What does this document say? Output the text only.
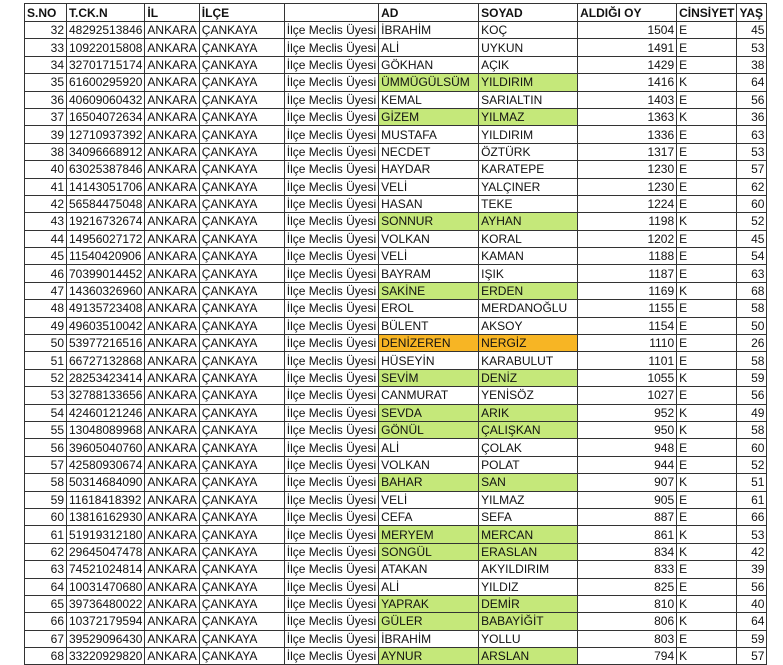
S.NO	T.CK.N	İL	İLÇE		AD	SOYAD	ALDIĞI OY	CİNSİYET	YAŞ
32	48292513846	ANKARA	ÇANKAYA	İlçe Meclis Üyesi	İBRAHİM	KOÇ	1504	E	45
33	10922015808	ANKARA	ÇANKAYA	İlçe Meclis Üyesi	ALİ	UYKUN	1491	E	53
34	32701715174	ANKARA	ÇANKAYA	İlçe Meclis Üyesi	GÖKHAN	AÇIK	1429	E	38
35	61600295920	ANKARA	ÇANKAYA	İlçe Meclis Üyesi	ÜMMÜGÜLSÜM	YILDIRIM	1416	K	64
36	40609060432	ANKARA	ÇANKAYA	İlçe Meclis Üyesi	KEMAL	SARIALTIN	1403	E	56
37	16504072634	ANKARA	ÇANKAYA	İlçe Meclis Üyesi	GİZEM	YILMAZ	1363	K	36
39	12710937392	ANKARA	ÇANKAYA	İlçe Meclis Üyesi	MUSTAFA	YILDIRIM	1336	E	63
38	34096668912	ANKARA	ÇANKAYA	İlçe Meclis Üyesi	NECDET	ÖZTÜRK	1317	E	53
40	63025387846	ANKARA	ÇANKAYA	İlçe Meclis Üyesi	HAYDAR	KARATEPE	1230	E	57
41	14143051706	ANKARA	ÇANKAYA	İlçe Meclis Üyesi	VELİ	YALÇINER	1230	E	62
42	56584475048	ANKARA	ÇANKAYA	İlçe Meclis Üyesi	HASAN	TEKE	1224	E	60
43	19216732674	ANKARA	ÇANKAYA	İlçe Meclis Üyesi	SONNUR	AYHAN	1198	K	52
44	14956027172	ANKARA	ÇANKAYA	İlçe Meclis Üyesi	VOLKAN	KORAL	1202	E	45
45	11540420906	ANKARA	ÇANKAYA	İlçe Meclis Üyesi	VELİ	KAMAN	1188	E	54
46	70399014452	ANKARA	ÇANKAYA	İlçe Meclis Üyesi	BAYRAM	IŞIK	1187	E	63
47	14360326960	ANKARA	ÇANKAYA	İlçe Meclis Üyesi	SAKİNE	ERDEN	1169	K	68
48	49135723408	ANKARA	ÇANKAYA	İlçe Meclis Üyesi	EROL	MERDANOĞLU	1155	E	58
49	49603510042	ANKARA	ÇANKAYA	İlçe Meclis Üyesi	BÜLENT	AKSOY	1154	E	50
50	53977216516	ANKARA	ÇANKAYA	İlçe Meclis Üyesi	DENİZEREN	NERGİZ	1110	E	26
51	66727132868	ANKARA	ÇANKAYA	İlçe Meclis Üyesi	HÜSEYİN	KARABULUT	1101	E	58
52	28253423414	ANKARA	ÇANKAYA	İlçe Meclis Üyesi	SEVİM	DENİZ	1055	K	59
53	32788133656	ANKARA	ÇANKAYA	İlçe Meclis Üyesi	CANMURAT	YENİSÖZ	1027	E	56
54	42460121246	ANKARA	ÇANKAYA	İlçe Meclis Üyesi	SEVDA	ARIK	952	K	49
55	13048089968	ANKARA	ÇANKAYA	İlçe Meclis Üyesi	GÖNÜL	ÇALIŞKAN	950	K	58
56	39605040760	ANKARA	ÇANKAYA	İlçe Meclis Üyesi	ALİ	ÇOLAK	948	E	60
57	42580930674	ANKARA	ÇANKAYA	İlçe Meclis Üyesi	VOLKAN	POLAT	944	E	52
58	50314684090	ANKARA	ÇANKAYA	İlçe Meclis Üyesi	BAHAR	SAN	907	K	51
59	11618418392	ANKARA	ÇANKAYA	İlçe Meclis Üyesi	VELİ	YILMAZ	905	E	61
60	13816162930	ANKARA	ÇANKAYA	İlçe Meclis Üyesi	CEFA	SEFA	887	E	66
61	51919312180	ANKARA	ÇANKAYA	İlçe Meclis Üyesi	MERYEM	MERCAN	861	K	53
62	29645047478	ANKARA	ÇANKAYA	İlçe Meclis Üyesi	SONGÜL	ERASLAN	834	K	42
63	74521024814	ANKARA	ÇANKAYA	İlçe Meclis Üyesi	ATAKAN	AKYILDIRIM	833	E	39
64	10031470680	ANKARA	ÇANKAYA	İlçe Meclis Üyesi	ALİ	YILDIZ	825	E	56
65	39736480022	ANKARA	ÇANKAYA	İlçe Meclis Üyesi	YAPRAK	DEMİR	810	K	40
66	10372179594	ANKARA	ÇANKAYA	İlçe Meclis Üyesi	GÜLER	BABAYİĞİT	806	K	64
67	39529096430	ANKARA	ÇANKAYA	İlçe Meclis Üyesi	İBRAHİM	YOLLU	803	E	59
68	33220929820	ANKARA	ÇANKAYA	İlçe Meclis Üyesi	AYNUR	ARSLAN	794	K	57
